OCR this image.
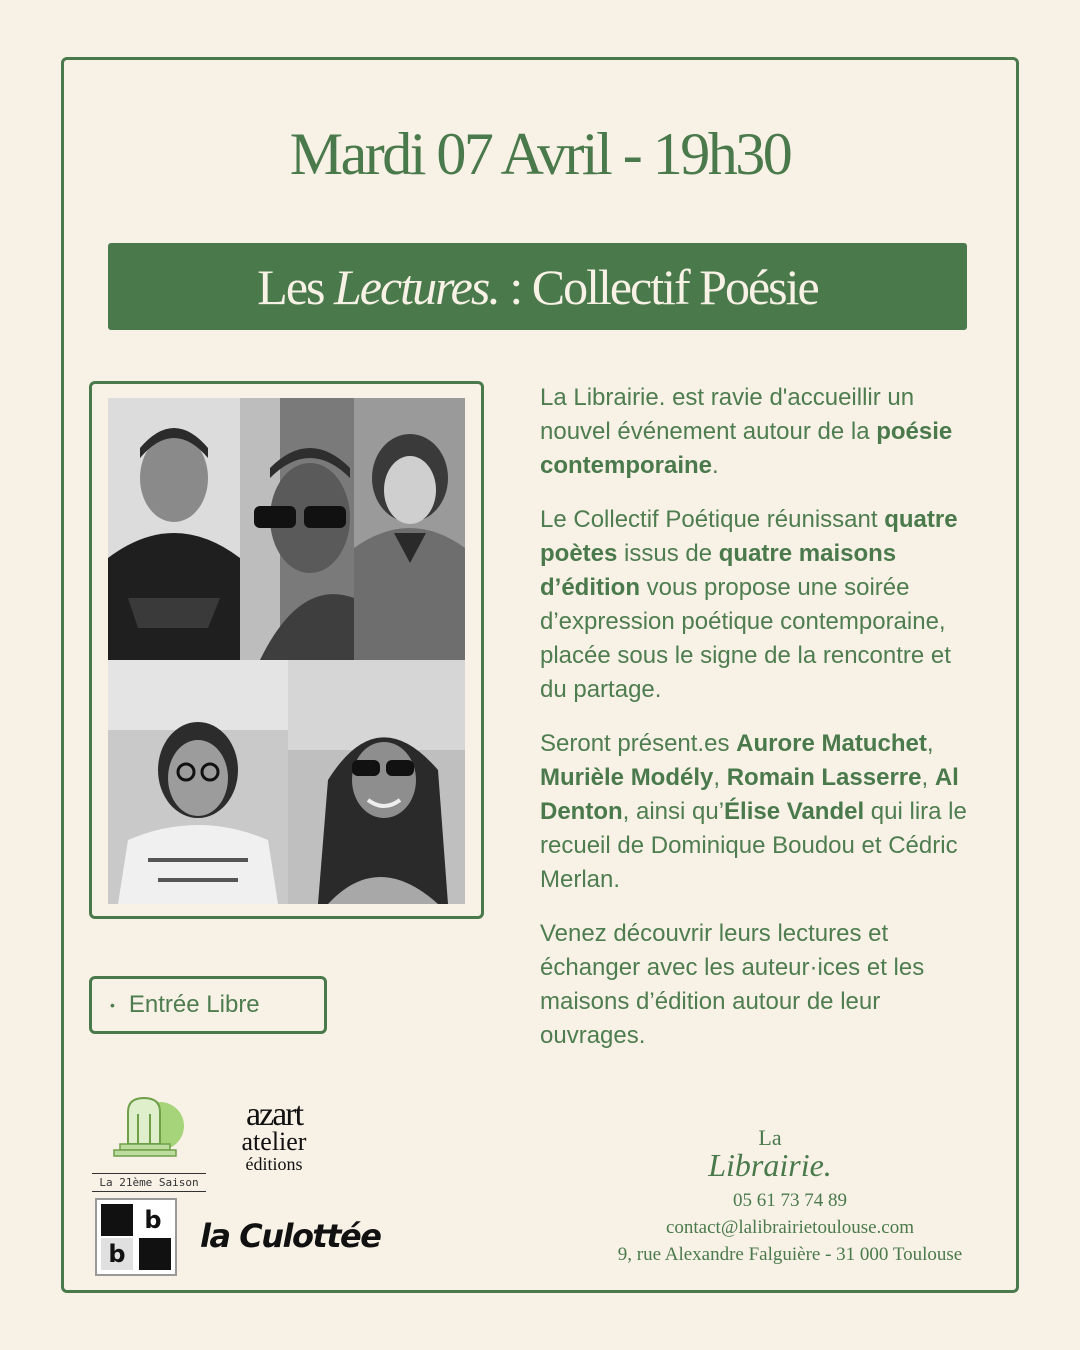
Mardi 07 Avril - 19h30
Les
Lectures.
: Collectif Poésie

La Librairie. est ravie d'accueillir un nouvel événement autour de la poésie contemporaine.

Le Collectif Poétique réunissant quatre poètes issus de quatre maisons d’édition vous propose une soirée d’expression poétique contemporaine, placée sous le signe de la rencontre et du partage.

Seront présent.es Aurore Matuchet, Murièle Modély, Romain Lasserre, Al Denton, ainsi qu’Élise Vandel qui lira le recueil de Dominique Boudou et Cédric Merlan.

Venez découvrir leurs lectures et échanger avec les auteur·ices et les maisons d’édition autour de leur ouvrages.

• Entrée Libre
La 21ème Saison
azart
atelier
éditions
b
b la Culottée
La
Librairie.
05 61 73 74 89
contact@lalibrairietoulouse.com
9, rue Alexandre Falguière - 31 000 Toulouse
